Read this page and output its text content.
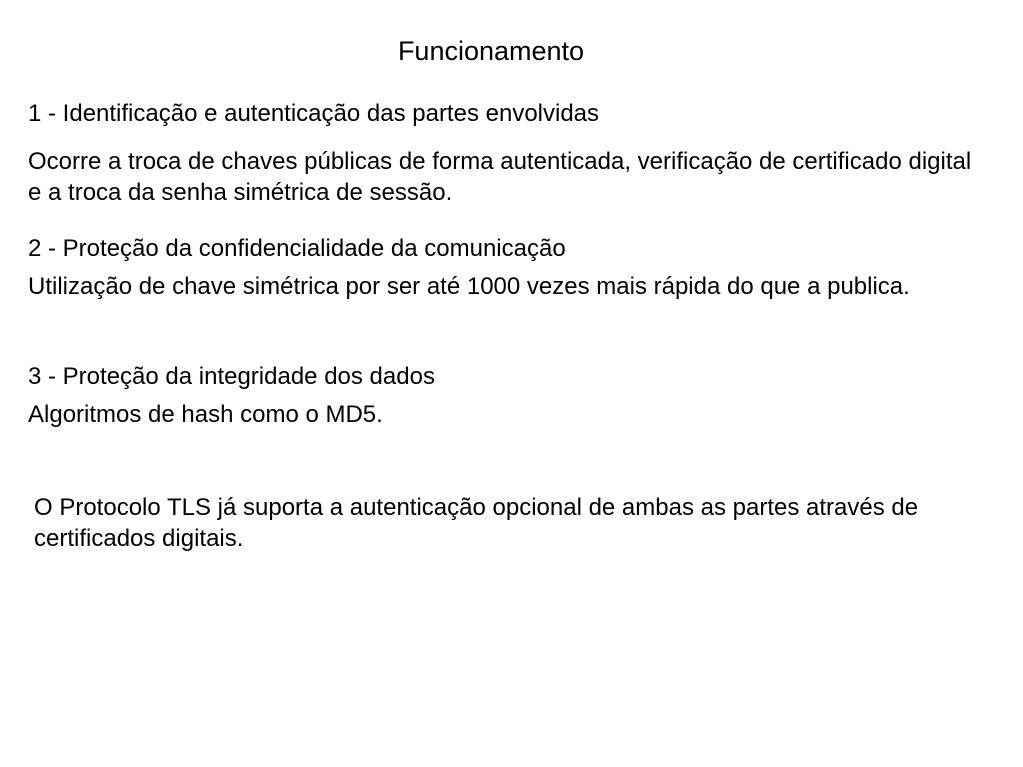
Funcionamento

1 - Identificação e autenticação das partes envolvidas

Ocorre a troca de chaves públicas de forma autenticada, verificação de certificado digital e a troca da senha simétrica de sessão.

2 - Proteção da confidencialidade da comunicação

Utilização de chave simétrica por ser até 1000 vezes mais rápida do que a publica.

3 - Proteção da integridade dos dados

Algoritmos de hash como o MD5.

O Protocolo TLS já suporta a autenticação opcional de ambas as partes através de certificados digitais.
